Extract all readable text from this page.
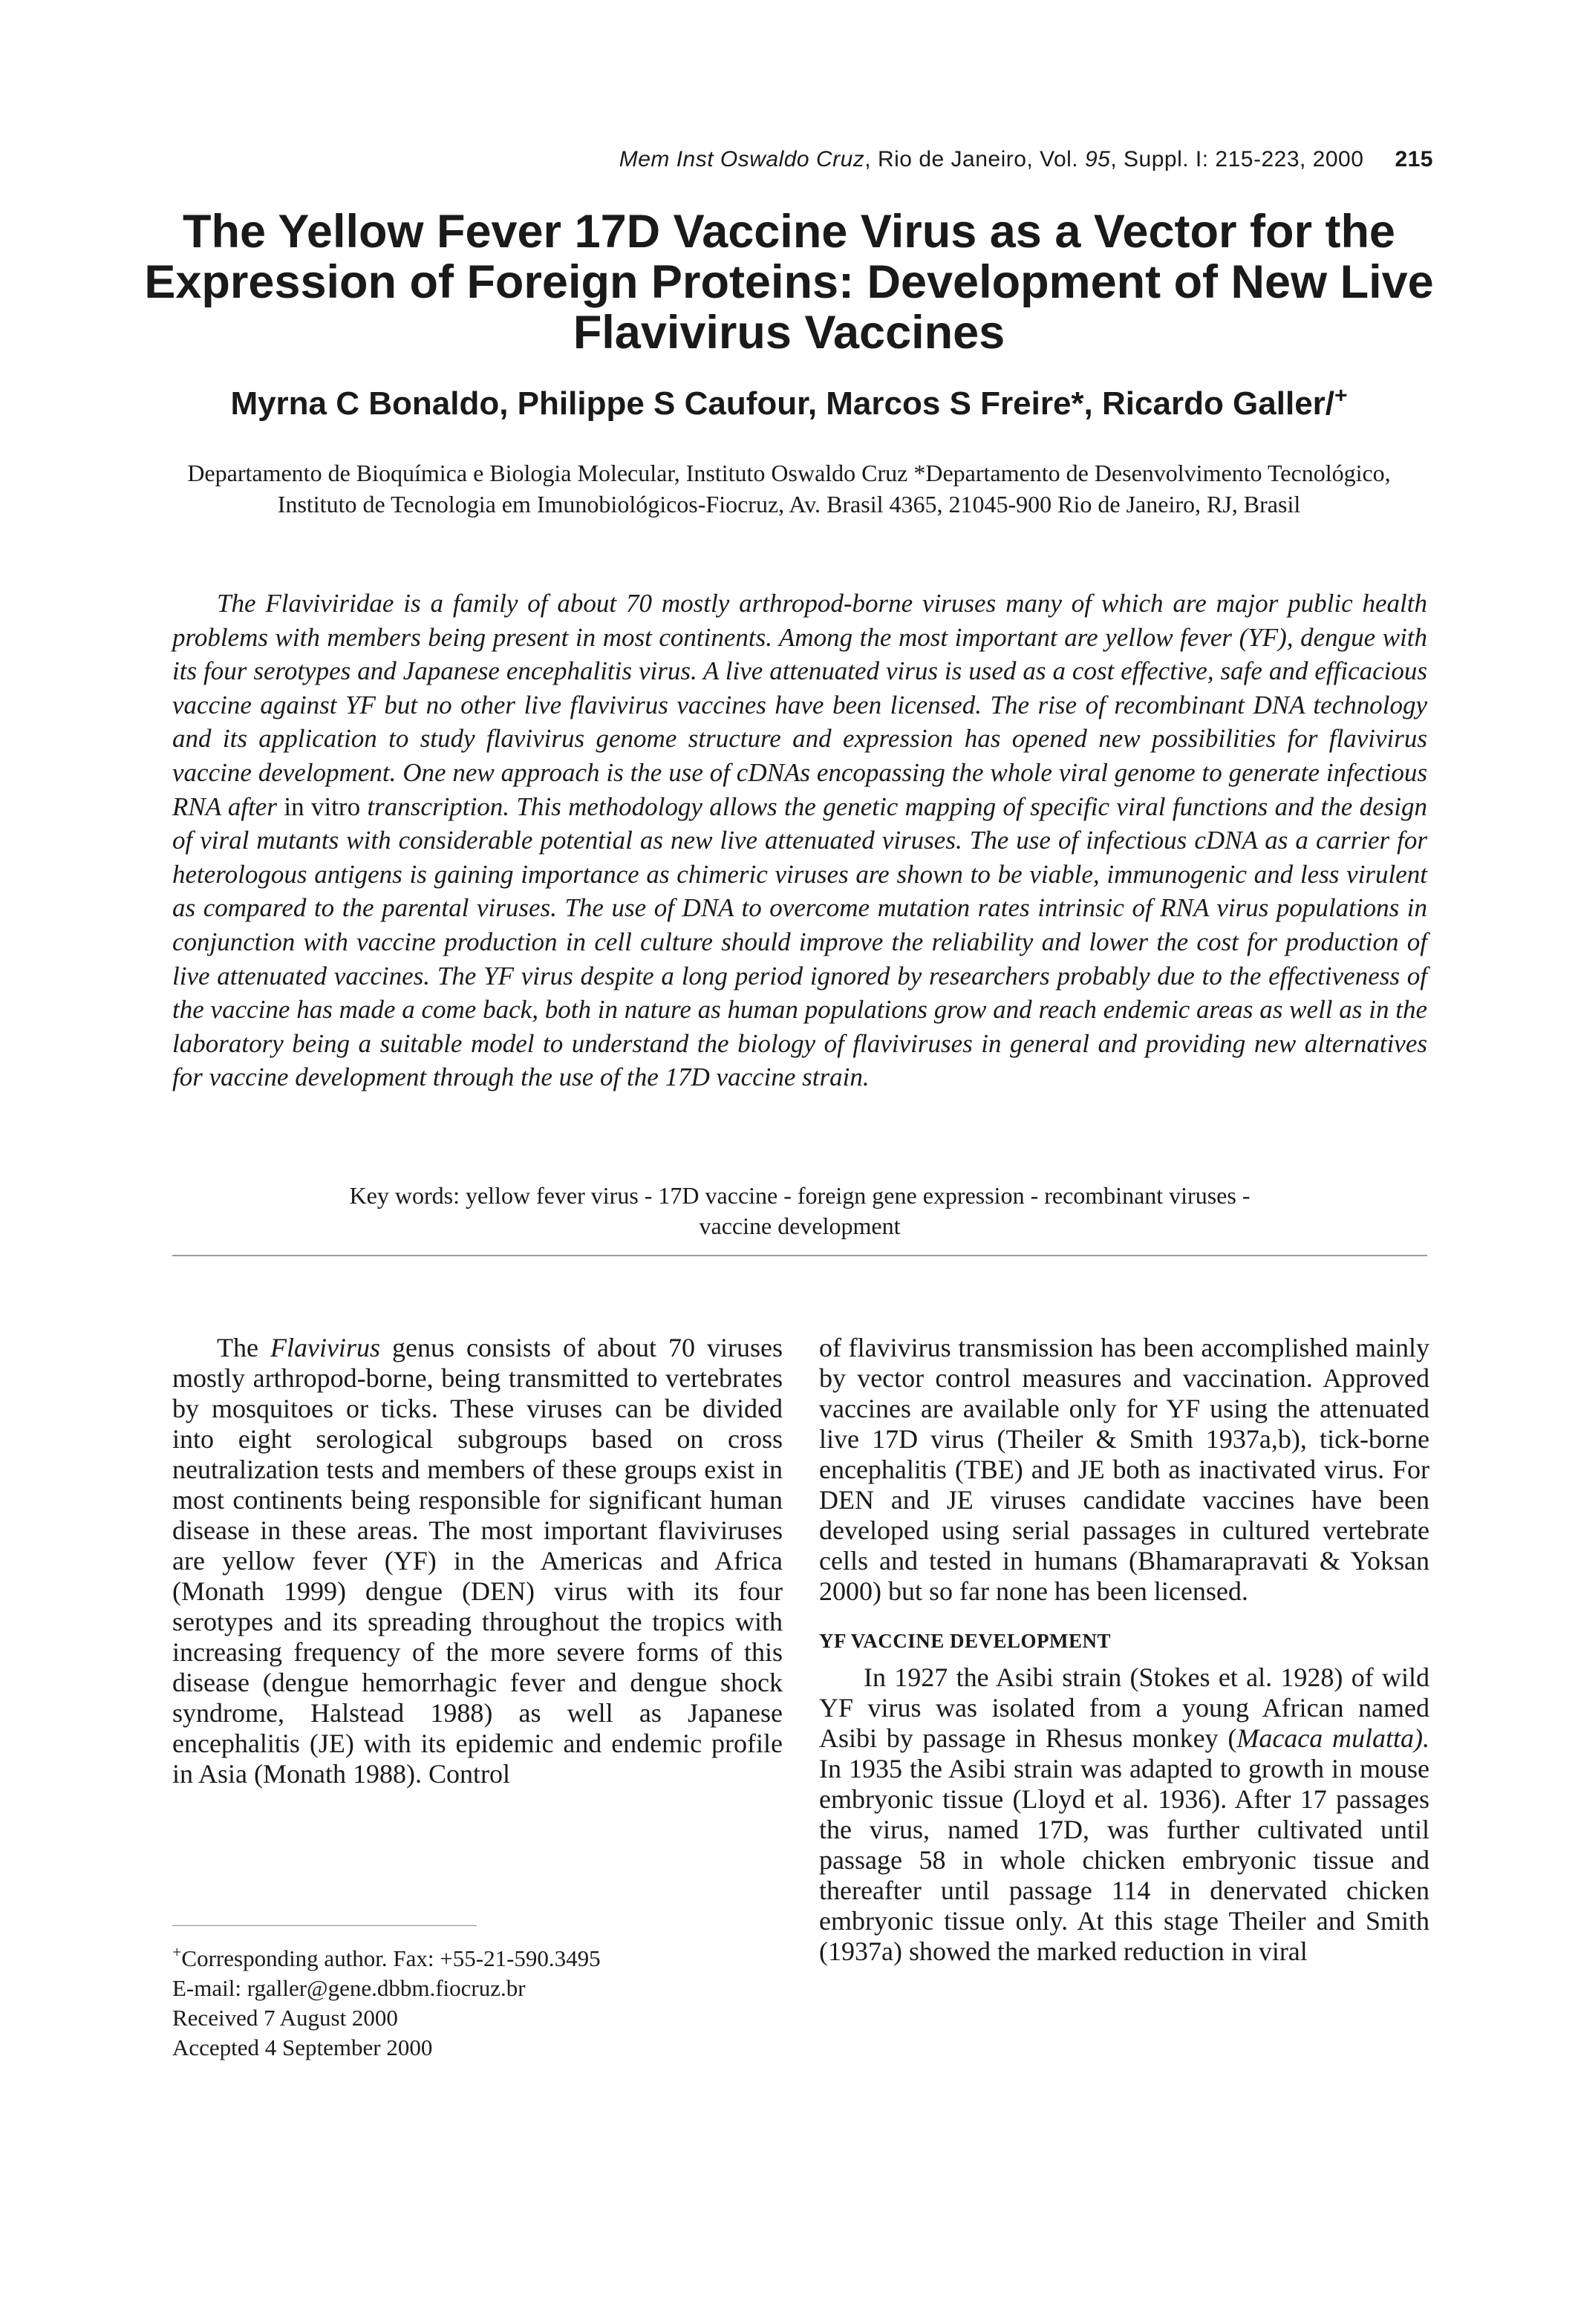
Mem Inst Oswaldo Cruz, Rio de Janeiro, Vol. 95, Suppl. I: 215-223, 2000 215
The Yellow Fever 17D Vaccine Virus as a Vector for the Expression of Foreign Proteins: Development of New Live Flavivirus Vaccines
Myrna C Bonaldo, Philippe S Caufour, Marcos S Freire*, Ricardo Galler/+
Departamento de Bioquímica e Biologia Molecular, Instituto Oswaldo Cruz *Departamento de Desenvolvimento Tecnológico, Instituto de Tecnologia em Imunobiológicos-Fiocruz, Av. Brasil 4365, 21045-900 Rio de Janeiro, RJ, Brasil

The Flaviviridae is a family of about 70 mostly arthropod-borne viruses many of which are major public health problems with members being present in most continents. Among the most important are yellow fever (YF), dengue with its four serotypes and Japanese encephalitis virus. A live attenuated virus is used as a cost effective, safe and efficacious vaccine against YF but no other live flavivirus vaccines have been licensed. The rise of recombinant DNA technology and its application to study flavivirus genome structure and expression has opened new possibilities for flavivirus vaccine development. One new approach is the use of cDNAs encopassing the whole viral genome to generate infectious RNA after in vitro transcription. This methodology allows the genetic mapping of specific viral functions and the design of viral mutants with considerable potential as new live attenuated viruses. The use of infectious cDNA as a carrier for heterologous antigens is gaining importance as chimeric viruses are shown to be viable, immunogenic and less virulent as compared to the parental viruses. The use of DNA to overcome mutation rates intrinsic of RNA virus populations in conjunction with vaccine production in cell culture should improve the reliability and lower the cost for production of live attenuated vaccines. The YF virus despite a long period ignored by researchers probably due to the effectiveness of the vaccine has made a come back, both in nature as human populations grow and reach endemic areas as well as in the laboratory being a suitable model to understand the biology of flaviviruses in general and providing new alternatives for vaccine development through the use of the 17D vaccine strain.

Key words: yellow fever virus - 17D vaccine - foreign gene expression - recombinant viruses -
vaccine development

The Flavivirus genus consists of about 70 viruses mostly arthropod-borne, being transmitted to vertebrates by mosquitoes or ticks. These viruses can be divided into eight serological subgroups based on cross neutralization tests and members of these groups exist in most continents being responsible for significant human disease in these areas. The most important flaviviruses are yellow fever (YF) in the Americas and Africa (Monath 1999) dengue (DEN) virus with its four serotypes and its spreading throughout the tropics with increasing frequency of the more severe forms of this disease (dengue hemorrhagic fever and dengue shock syndrome, Halstead 1988) as well as Japanese encephalitis (JE) with its epidemic and endemic profile in Asia (Monath 1988). Control

of flavivirus transmission has been accomplished mainly by vector control measures and vaccination. Approved vaccines are available only for YF using the attenuated live 17D virus (Theiler & Smith 1937a,b), tick-borne encephalitis (TBE) and JE both as inactivated virus. For DEN and JE viruses candidate vaccines have been developed using serial passages in cultured vertebrate cells and tested in humans (Bhamarapravati & Yoksan 2000) but so far none has been licensed.

YF VACCINE DEVELOPMENT

In 1927 the Asibi strain (Stokes et al. 1928) of wild YF virus was isolated from a young African named Asibi by passage in Rhesus monkey (Macaca mulatta). In 1935 the Asibi strain was adapted to growth in mouse embryonic tissue (Lloyd et al. 1936). After 17 passages the virus, named 17D, was further cultivated until passage 58 in whole chicken embryonic tissue and thereafter until passage 114 in denervated chicken embryonic tissue only. At this stage Theiler and Smith (1937a) showed the marked reduction in viral

+Corresponding author. Fax: +55-21-590.3495
E-mail: rgaller@gene.dbbm.fiocruz.br
Received 7 August 2000
Accepted 4 September 2000
